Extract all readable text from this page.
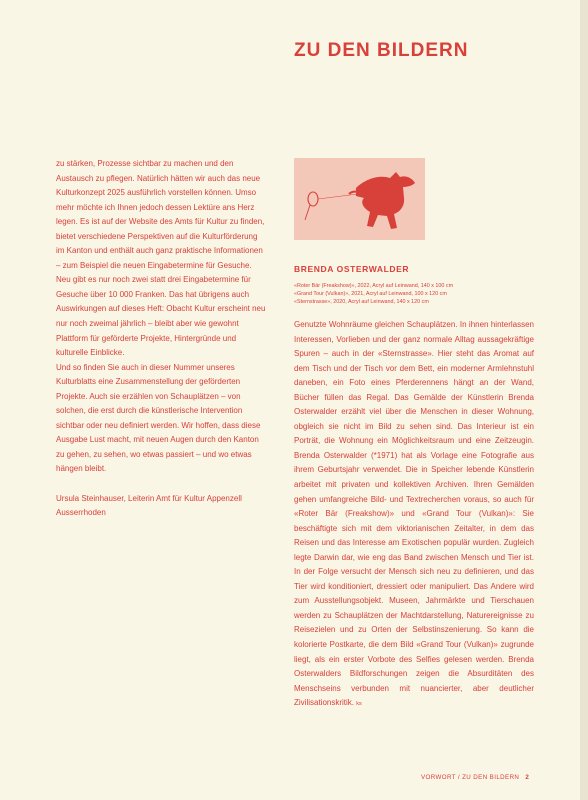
ZU DEN BILDERN

zu stärken, Prozesse sichtbar zu machen und den Austausch zu pflegen. Natürlich hätten wir auch das neue Kulturkonzept 2025 ausführlich vorstellen können. Umso mehr möchte ich Ihnen jedoch dessen Lektüre ans Herz legen. Es ist auf der Website des Amts für Kultur zu finden, bietet verschiedene Perspektiven auf die Kulturförderung im Kanton und enthält auch ganz praktische Informationen – zum Beispiel die neuen Eingabetermine für Gesuche. Neu gibt es nur noch zwei statt drei Eingabetermine für Gesuche über 10 000 Franken. Das hat übrigens auch Auswirkungen auf dieses Heft: Obacht Kultur erscheint neu nur noch zweimal jährlich – bleibt aber wie gewohnt Plattform für geförderte Projekte, Hintergründe und kulturelle Einblicke.

Und so finden Sie auch in dieser Nummer unseres Kulturblatts eine Zusammenstellung der geförderten Projekte. Auch sie erzählen von Schauplätzen – von solchen, die erst durch die künstlerische Intervention sichtbar oder neu definiert werden. Wir hoffen, dass diese Ausgabe Lust macht, mit neuen Augen durch den Kanton zu gehen, zu sehen, wo etwas passiert – und wo etwas hängen bleibt.

Ursula Steinhauser, Leiterin Amt für Kultur Appenzell Ausserrhoden

BRENDA OSTERWALDER
«Roter Bär (Freakshow)», 2022, Acryl auf Leinwand, 140 x 100 cm
«Grand Tour (Vulkan)», 2021, Acryl auf Leinwand, 100 x 120 cm
«Sternstrasse», 2020, Acryl auf Leinwand, 140 x 120 cm

Genutzte Wohnräume gleichen Schauplätzen. In ihnen hinterlassen Interessen, Vorlieben und der ganz normale Alltag aussagekräftige Spuren – auch in der «Sternstrasse». Hier steht das Aromat auf dem Tisch und der Tisch vor dem Bett, ein moderner Armlehnstuhl daneben, ein Foto eines Pferderennens hängt an der Wand, Bücher füllen das Regal. Das Gemälde der Künstlerin Brenda Osterwalder erzählt viel über die Menschen in dieser Wohnung, obgleich sie nicht im Bild zu sehen sind. Das Interieur ist ein Porträt, die Wohnung ein Möglichkeitsraum und eine Zeitzeugin. Brenda Osterwalder (*1971) hat als Vorlage eine Fotografie aus ihrem Geburtsjahr verwendet. Die in Speicher lebende Künstlerin arbeitet mit privaten und kollektiven Archiven. Ihren Gemälden gehen umfangreiche Bild- und Textrecherchen voraus, so auch für «Roter Bär (Freakshow)» und «Grand Tour (Vulkan)»: Sie beschäftigte sich mit dem viktorianischen Zeitalter, in dem das Reisen und das Interesse am Exotischen populär wurden. Zugleich legte Darwin dar, wie eng das Band zwischen Mensch und Tier ist. In der Folge versucht der Mensch sich neu zu definieren, und das Tier wird konditioniert, dressiert oder manipuliert. Das Andere wird zum Ausstellungsobjekt. Museen, Jahrmärkte und Tierschauen werden zu Schauplätzen der Machtdarstellung, Naturereignisse zu Reisezielen und zu Orten der Selbstinszenierung. So kann die kolorierte Postkarte, die dem Bild «Grand Tour (Vulkan)» zugrunde liegt, als ein erster Vorbote des Selfies gelesen werden. Brenda Osterwalders Bildforschungen zeigen die Absurditäten des Menschseins verbunden mit nuancierter, aber deutlicher Zivilisationskritik. ks

VORWORT / ZU DEN BILDERN 2
